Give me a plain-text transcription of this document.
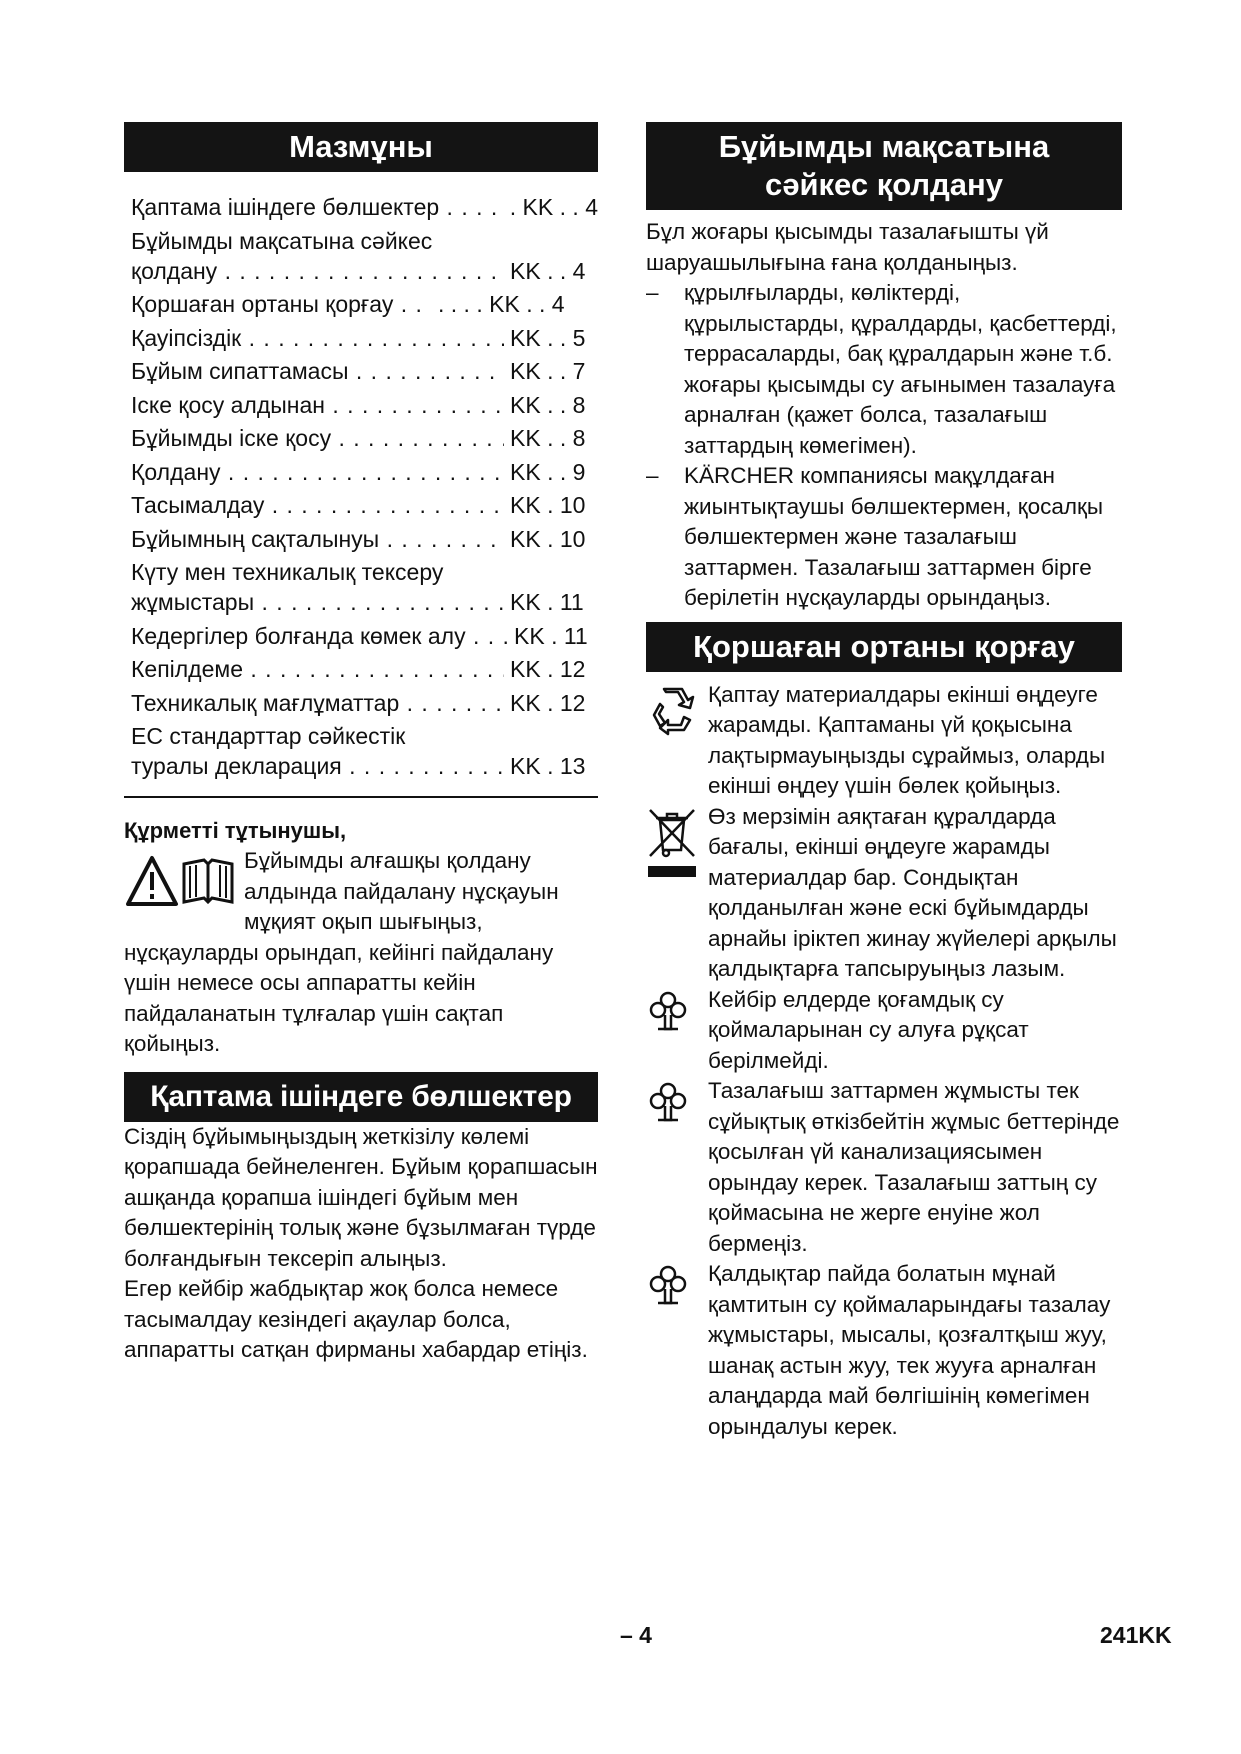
Мазмұны
Қаптама ішіндеге бөлшектер . . .	. KK . . 4
Бұйымды мақсатына сәйкес
қолдану . . .	KK . . 4
Қоршаған ортаны қорғау . . .	. . . . KK . . 4
Қауіпсіздік . . .	KK . . 5
Бұйым сипаттамасы . . .	KK . . 7
Іске қосу алдынан . . .	KK . . 8
Бұйымды іске қосу . . .	KK . . 8
Қолдану . . .	KK . . 9
Тасымалдау . . .	KK . 10
Бұйымның сақталынуы . . .	KK . 10
Күту мен техникалық тексеру
жұмыстары . . .	KK . 11
Кедергілер болғанда көмек алу . . .	KK . 11
Кепілдеме . . .	KK . 12
Техникалық мағлұматтар . . .	KK . 12
ЕС стандарттар сәйкестік
туралы декларация . . .	KK . 13

Құрметті тұтынушы,

Бұйымды алғашқы қолдану алдында пайдалану нұсқауын мұқият оқып шығыңыз, нұсқауларды орындап, кейінгі пайдалану үшін немесе осы аппаратты кейін пайдаланатын тұлғалар үшін сақтап қойыңыз.
Қаптама ішіндеге бөлшектер

Сіздің бұйымыңыздың жеткізілу көлемі қорапшада бейнеленген. Бұйым қорапшасын ашқанда қорапша ішіндегі бұйым мен бөлшектерінің толық және бұзылмаған түрде болғандығын тексеріп алыңыз.

Егер кейбір жабдықтар жоқ болса немесе тасымалдау кезіндегі ақаулар болса, аппаратты сатқан фирманы хабардар етіңіз.

Бұйымды мақсатына
сәйкес қолдану

Бұл жоғары қысымды тазалағышты үй шаруашылығына ғана қолданыңыз.

–	құрылғыларды, көліктерді, құрылыстарды, құралдарды, қасбеттерді, террасаларды, бақ құралдарын және т.б. жоғары қысымды су ағынымен тазалауға арналған (қажет болса, тазалағыш заттардың көмегімен).
–	KÄRCHER компаниясы мақұлдаған жиынтықтаушы бөлшектермен, қосалқы бөлшектермен және тазалағыш заттармен. Тазалағыш заттармен бірге берілетін нұсқауларды орындаңыз.
Қоршаған ортаны қорғау
Қаптау материалдары екінші өңдеуге жарамды. Қаптаманы үй қоқысына лақтырмауыңызды сұраймыз, оларды екінші өңдеу үшін бөлек қойыңыз.
Өз мерзімін аяқтаған құралдарда бағалы, екінші өңдеуге жарамды материалдар бар. Сондықтан қолданылған және ескі бұйымдарды арнайы іріктеп жинау жүйелері арқылы қалдықтарға тапсыруыңыз лазым.
Кейбір елдерде қоғамдық су қоймаларынан су алуға рұқсат берілмейді.
Тазалағыш заттармен жұмысты тек сұйықтық өткізбейтін жұмыс беттерінде қосылған үй канализациясымен орындау керек. Тазалағыш заттың су қоймасына не жерге енуіне жол бермеңіз.
Қалдықтар пайда болатын мұнай қамтитын су қоймаларындағы тазалау жұмыстары, мысалы, қозғалтқыш жуу, шанақ астын жуу, тек жууға арналған алаңдарда май бөлгішінің көмегімен орындалуы керек.
– 4	241KK
